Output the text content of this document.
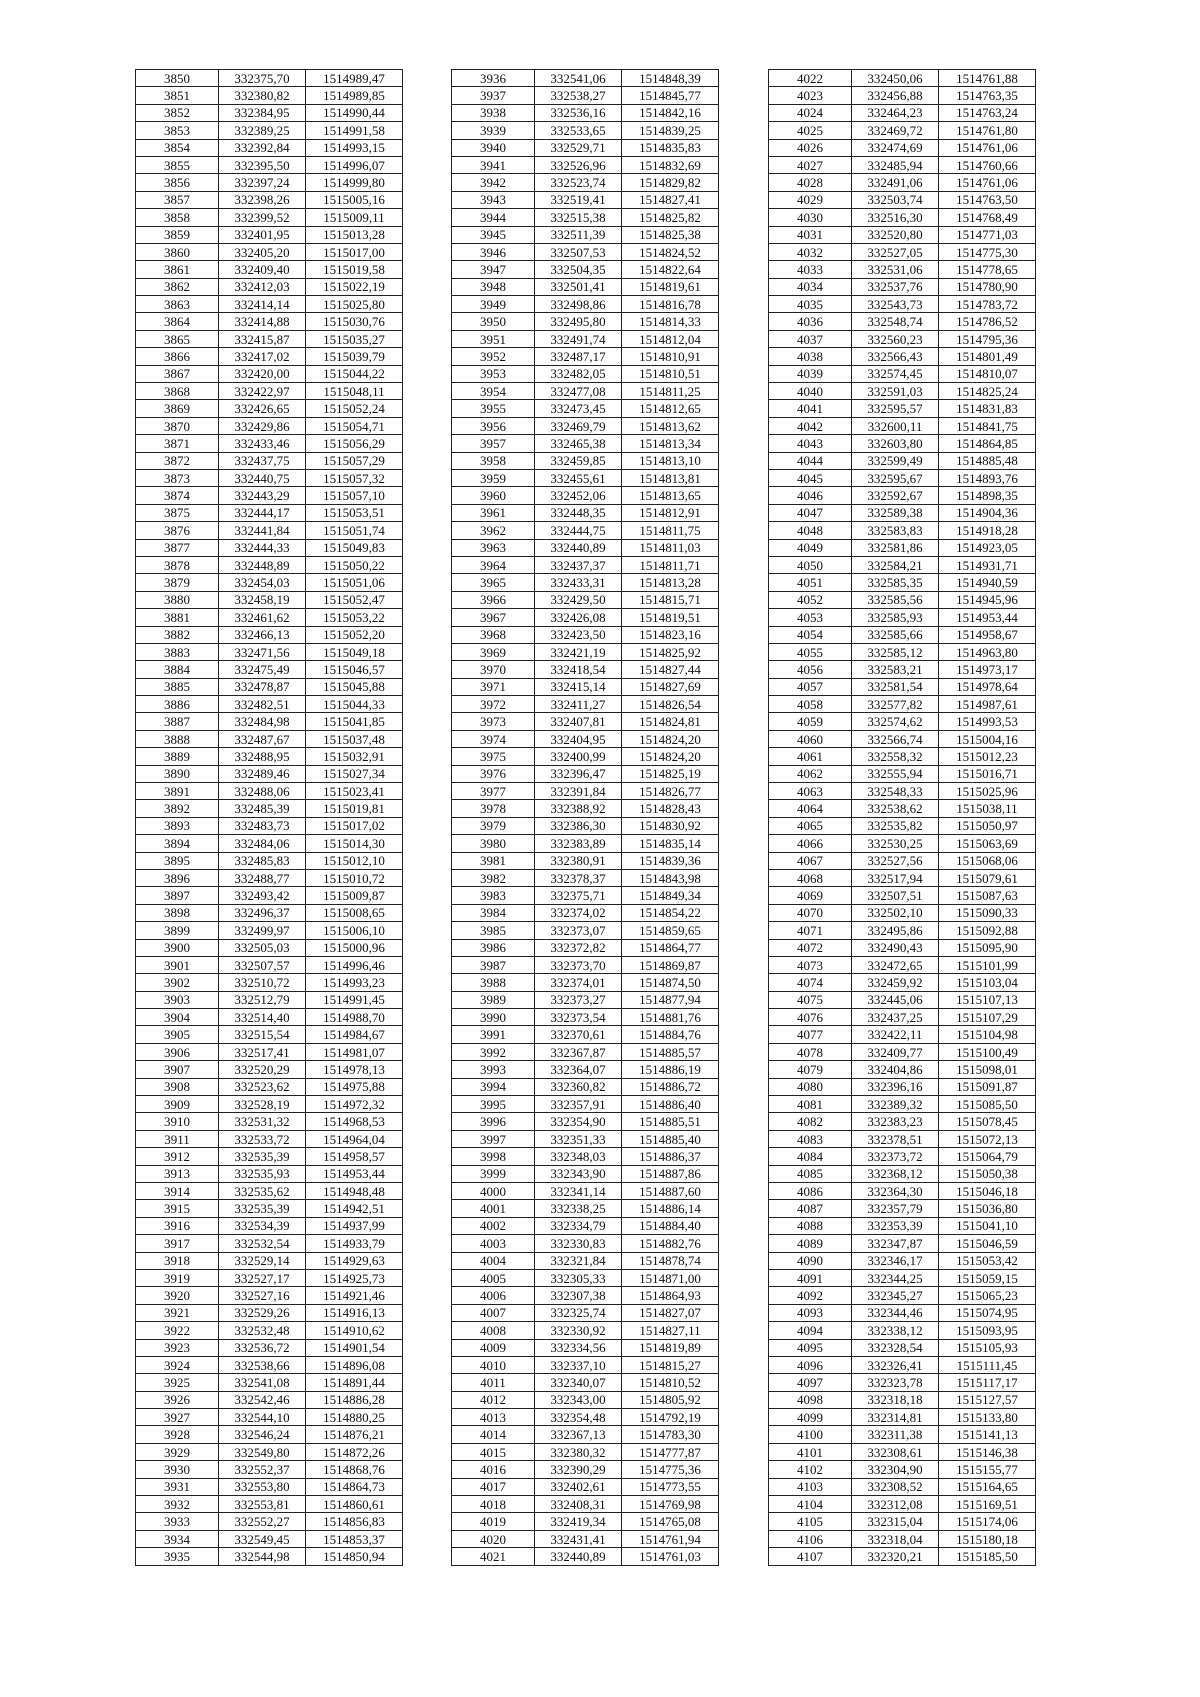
3850	332375,70	1514989,47
3851	332380,82	1514989,85
3852	332384,95	1514990,44
3853	332389,25	1514991,58
3854	332392,84	1514993,15
3855	332395,50	1514996,07
3856	332397,24	1514999,80
3857	332398,26	1515005,16
3858	332399,52	1515009,11
3859	332401,95	1515013,28
3860	332405,20	1515017,00
3861	332409,40	1515019,58
3862	332412,03	1515022,19
3863	332414,14	1515025,80
3864	332414,88	1515030,76
3865	332415,87	1515035,27
3866	332417,02	1515039,79
3867	332420,00	1515044,22
3868	332422,97	1515048,11
3869	332426,65	1515052,24
3870	332429,86	1515054,71
3871	332433,46	1515056,29
3872	332437,75	1515057,29
3873	332440,75	1515057,32
3874	332443,29	1515057,10
3875	332444,17	1515053,51
3876	332441,84	1515051,74
3877	332444,33	1515049,83
3878	332448,89	1515050,22
3879	332454,03	1515051,06
3880	332458,19	1515052,47
3881	332461,62	1515053,22
3882	332466,13	1515052,20
3883	332471,56	1515049,18
3884	332475,49	1515046,57
3885	332478,87	1515045,88
3886	332482,51	1515044,33
3887	332484,98	1515041,85
3888	332487,67	1515037,48
3889	332488,95	1515032,91
3890	332489,46	1515027,34
3891	332488,06	1515023,41
3892	332485,39	1515019,81
3893	332483,73	1515017,02
3894	332484,06	1515014,30
3895	332485,83	1515012,10
3896	332488,77	1515010,72
3897	332493,42	1515009,87
3898	332496,37	1515008,65
3899	332499,97	1515006,10
3900	332505,03	1515000,96
3901	332507,57	1514996,46
3902	332510,72	1514993,23
3903	332512,79	1514991,45
3904	332514,40	1514988,70
3905	332515,54	1514984,67
3906	332517,41	1514981,07
3907	332520,29	1514978,13
3908	332523,62	1514975,88
3909	332528,19	1514972,32
3910	332531,32	1514968,53
3911	332533,72	1514964,04
3912	332535,39	1514958,57
3913	332535,93	1514953,44
3914	332535,62	1514948,48
3915	332535,39	1514942,51
3916	332534,39	1514937,99
3917	332532,54	1514933,79
3918	332529,14	1514929,63
3919	332527,17	1514925,73
3920	332527,16	1514921,46
3921	332529,26	1514916,13
3922	332532,48	1514910,62
3923	332536,72	1514901,54
3924	332538,66	1514896,08
3925	332541,08	1514891,44
3926	332542,46	1514886,28
3927	332544,10	1514880,25
3928	332546,24	1514876,21
3929	332549,80	1514872,26
3930	332552,37	1514868,76
3931	332553,80	1514864,73
3932	332553,81	1514860,61
3933	332552,27	1514856,83
3934	332549,45	1514853,37
3935	332544,98	1514850,94
3936	332541,06	1514848,39
3937	332538,27	1514845,77
3938	332536,16	1514842,16
3939	332533,65	1514839,25
3940	332529,71	1514835,83
3941	332526,96	1514832,69
3942	332523,74	1514829,82
3943	332519,41	1514827,41
3944	332515,38	1514825,82
3945	332511,39	1514825,38
3946	332507,53	1514824,52
3947	332504,35	1514822,64
3948	332501,41	1514819,61
3949	332498,86	1514816,78
3950	332495,80	1514814,33
3951	332491,74	1514812,04
3952	332487,17	1514810,91
3953	332482,05	1514810,51
3954	332477,08	1514811,25
3955	332473,45	1514812,65
3956	332469,79	1514813,62
3957	332465,38	1514813,34
3958	332459,85	1514813,10
3959	332455,61	1514813,81
3960	332452,06	1514813,65
3961	332448,35	1514812,91
3962	332444,75	1514811,75
3963	332440,89	1514811,03
3964	332437,37	1514811,71
3965	332433,31	1514813,28
3966	332429,50	1514815,71
3967	332426,08	1514819,51
3968	332423,50	1514823,16
3969	332421,19	1514825,92
3970	332418,54	1514827,44
3971	332415,14	1514827,69
3972	332411,27	1514826,54
3973	332407,81	1514824,81
3974	332404,95	1514824,20
3975	332400,99	1514824,20
3976	332396,47	1514825,19
3977	332391,84	1514826,77
3978	332388,92	1514828,43
3979	332386,30	1514830,92
3980	332383,89	1514835,14
3981	332380,91	1514839,36
3982	332378,37	1514843,98
3983	332375,71	1514849,34
3984	332374,02	1514854,22
3985	332373,07	1514859,65
3986	332372,82	1514864,77
3987	332373,70	1514869,87
3988	332374,01	1514874,50
3989	332373,27	1514877,94
3990	332373,54	1514881,76
3991	332370,61	1514884,76
3992	332367,87	1514885,57
3993	332364,07	1514886,19
3994	332360,82	1514886,72
3995	332357,91	1514886,40
3996	332354,90	1514885,51
3997	332351,33	1514885,40
3998	332348,03	1514886,37
3999	332343,90	1514887,86
4000	332341,14	1514887,60
4001	332338,25	1514886,14
4002	332334,79	1514884,40
4003	332330,83	1514882,76
4004	332321,84	1514878,74
4005	332305,33	1514871,00
4006	332307,38	1514864,93
4007	332325,74	1514827,07
4008	332330,92	1514827,11
4009	332334,56	1514819,89
4010	332337,10	1514815,27
4011	332340,07	1514810,52
4012	332343,00	1514805,92
4013	332354,48	1514792,19
4014	332367,13	1514783,30
4015	332380,32	1514777,87
4016	332390,29	1514775,36
4017	332402,61	1514773,55
4018	332408,31	1514769,98
4019	332419,34	1514765,08
4020	332431,41	1514761,94
4021	332440,89	1514761,03
4022	332450,06	1514761,88
4023	332456,88	1514763,35
4024	332464,23	1514763,24
4025	332469,72	1514761,80
4026	332474,69	1514761,06
4027	332485,94	1514760,66
4028	332491,06	1514761,06
4029	332503,74	1514763,50
4030	332516,30	1514768,49
4031	332520,80	1514771,03
4032	332527,05	1514775,30
4033	332531,06	1514778,65
4034	332537,76	1514780,90
4035	332543,73	1514783,72
4036	332548,74	1514786,52
4037	332560,23	1514795,36
4038	332566,43	1514801,49
4039	332574,45	1514810,07
4040	332591,03	1514825,24
4041	332595,57	1514831,83
4042	332600,11	1514841,75
4043	332603,80	1514864,85
4044	332599,49	1514885,48
4045	332595,67	1514893,76
4046	332592,67	1514898,35
4047	332589,38	1514904,36
4048	332583,83	1514918,28
4049	332581,86	1514923,05
4050	332584,21	1514931,71
4051	332585,35	1514940,59
4052	332585,56	1514945,96
4053	332585,93	1514953,44
4054	332585,66	1514958,67
4055	332585,12	1514963,80
4056	332583,21	1514973,17
4057	332581,54	1514978,64
4058	332577,82	1514987,61
4059	332574,62	1514993,53
4060	332566,74	1515004,16
4061	332558,32	1515012,23
4062	332555,94	1515016,71
4063	332548,33	1515025,96
4064	332538,62	1515038,11
4065	332535,82	1515050,97
4066	332530,25	1515063,69
4067	332527,56	1515068,06
4068	332517,94	1515079,61
4069	332507,51	1515087,63
4070	332502,10	1515090,33
4071	332495,86	1515092,88
4072	332490,43	1515095,90
4073	332472,65	1515101,99
4074	332459,92	1515103,04
4075	332445,06	1515107,13
4076	332437,25	1515107,29
4077	332422,11	1515104,98
4078	332409,77	1515100,49
4079	332404,86	1515098,01
4080	332396,16	1515091,87
4081	332389,32	1515085,50
4082	332383,23	1515078,45
4083	332378,51	1515072,13
4084	332373,72	1515064,79
4085	332368,12	1515050,38
4086	332364,30	1515046,18
4087	332357,79	1515036,80
4088	332353,39	1515041,10
4089	332347,87	1515046,59
4090	332346,17	1515053,42
4091	332344,25	1515059,15
4092	332345,27	1515065,23
4093	332344,46	1515074,95
4094	332338,12	1515093,95
4095	332328,54	1515105,93
4096	332326,41	1515111,45
4097	332323,78	1515117,17
4098	332318,18	1515127,57
4099	332314,81	1515133,80
4100	332311,38	1515141,13
4101	332308,61	1515146,38
4102	332304,90	1515155,77
4103	332308,52	1515164,65
4104	332312,08	1515169,51
4105	332315,04	1515174,06
4106	332318,04	1515180,18
4107	332320,21	1515185,50
